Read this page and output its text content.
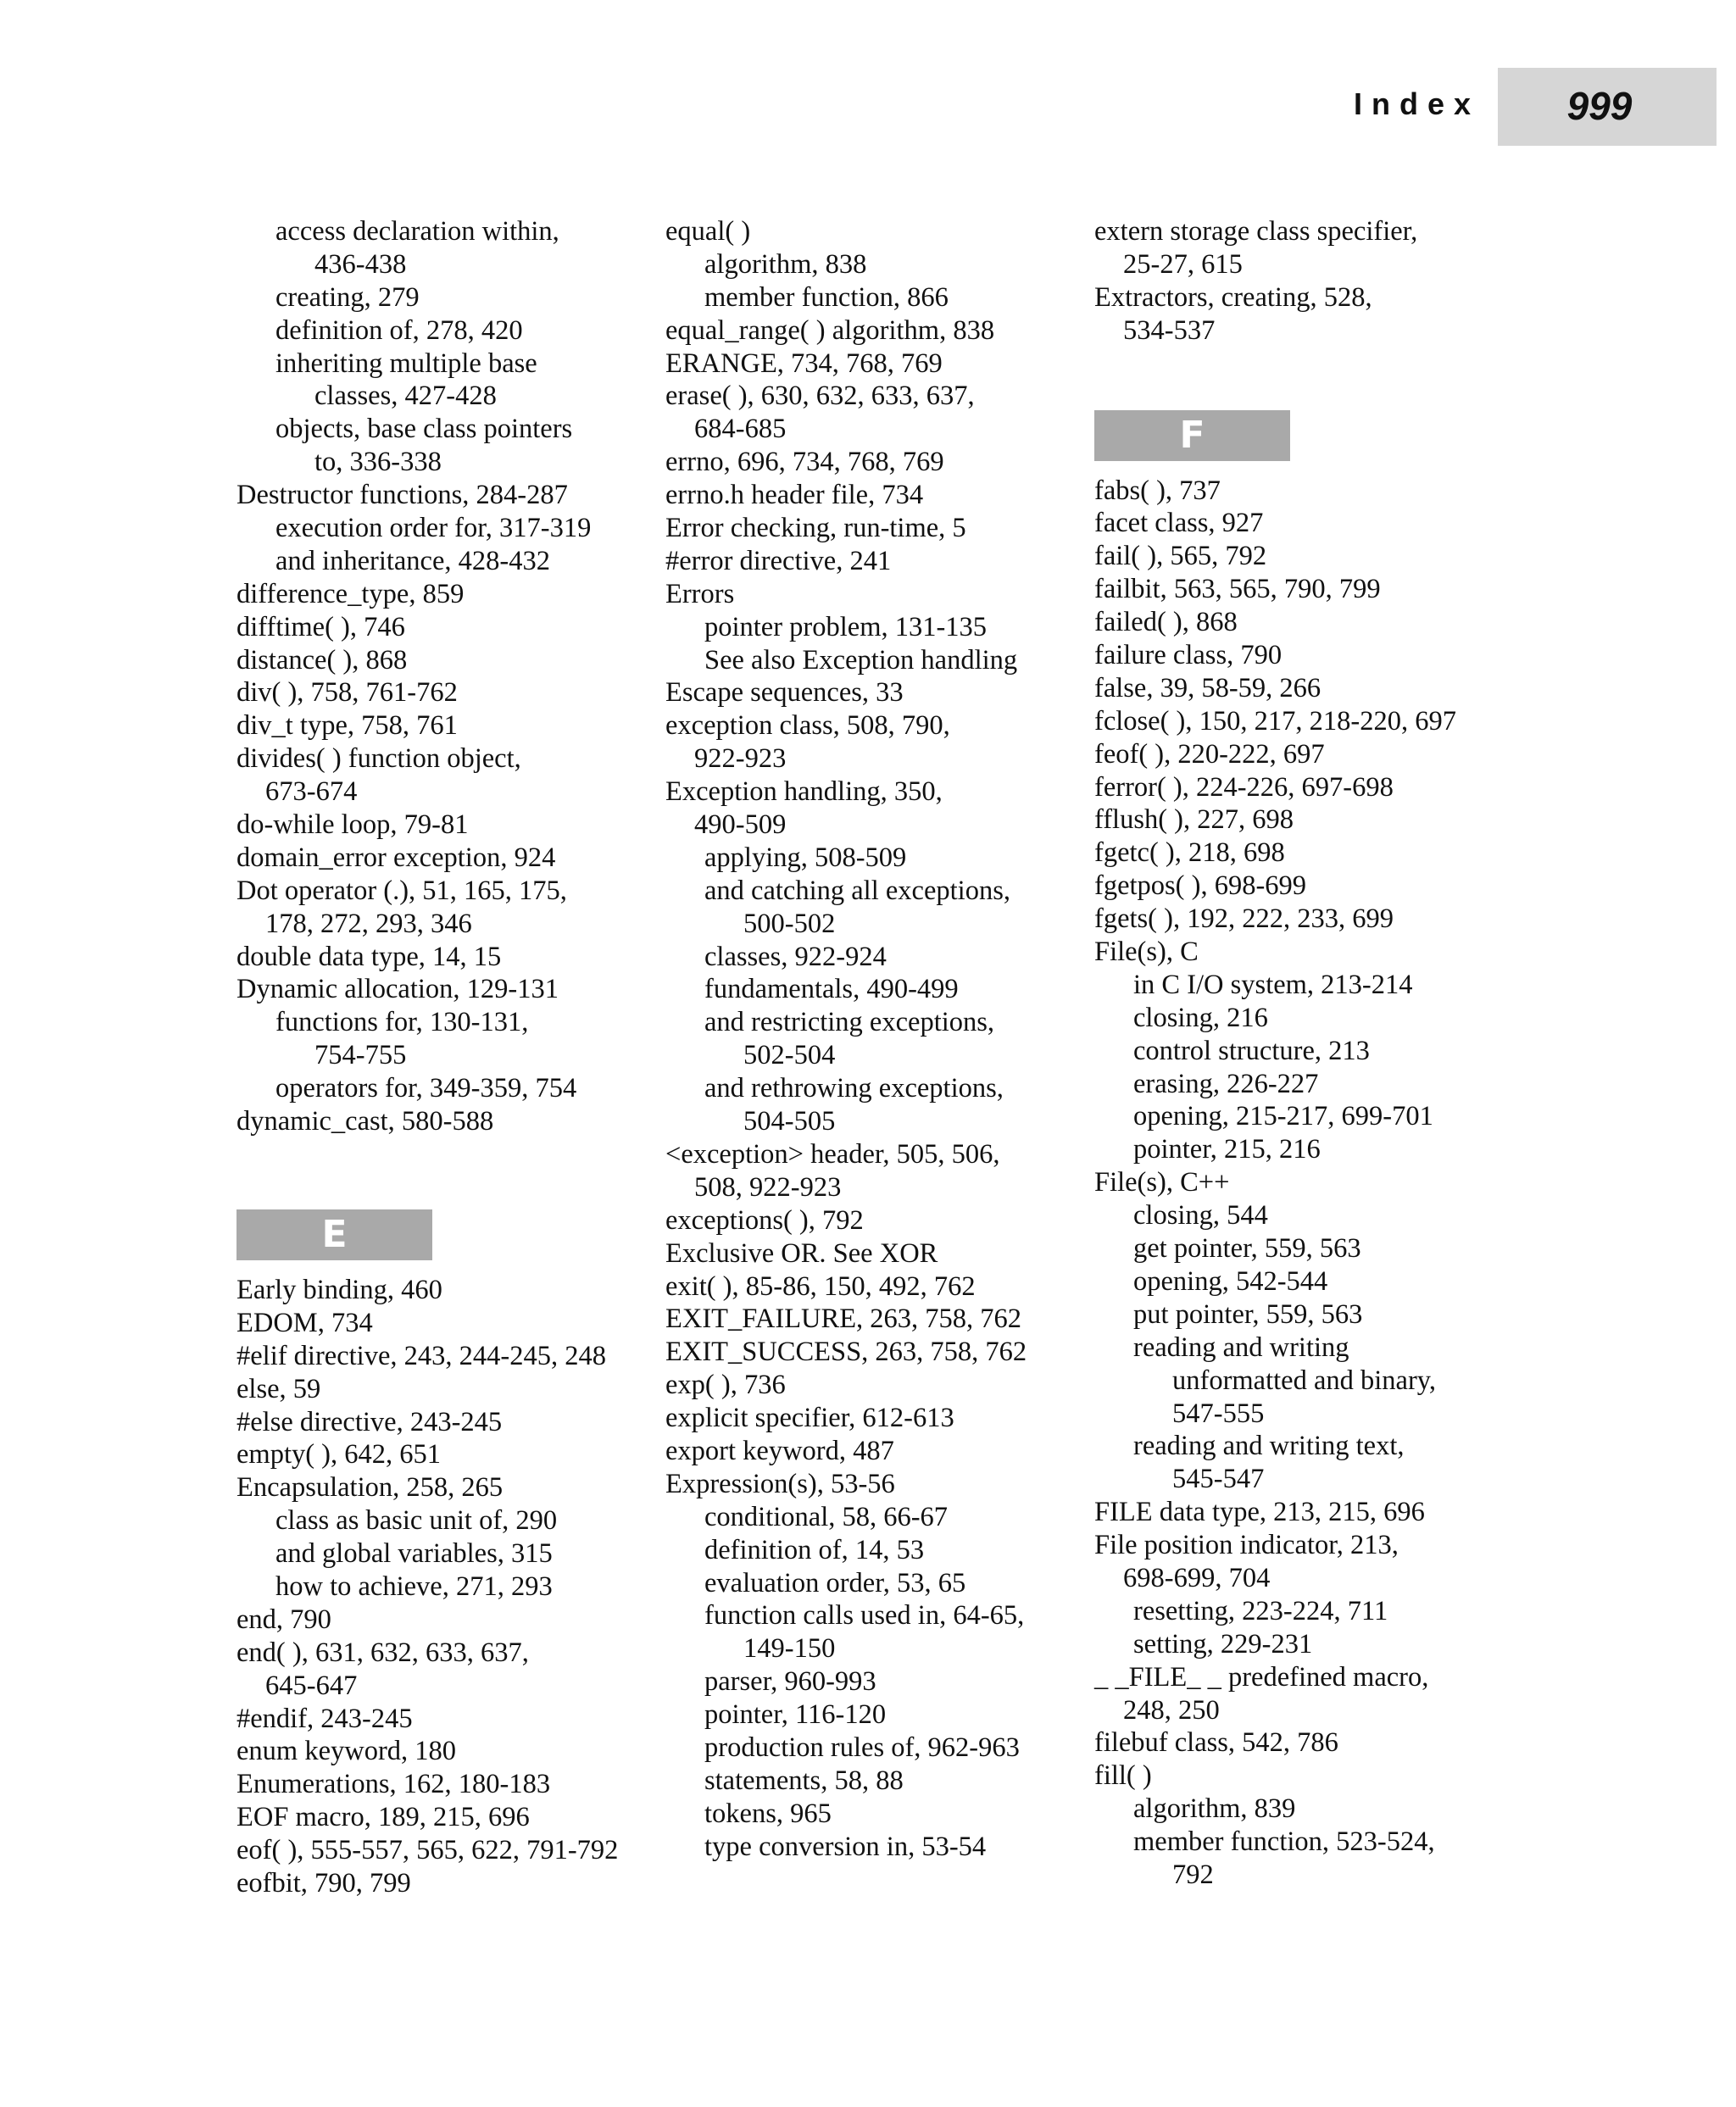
Index	999
access declaration within,
436-438
creating, 279
definition of, 278, 420
inheriting multiple base
classes, 427-428
objects, base class pointers
to, 336-338
Destructor functions, 284-287
execution order for, 317-319
and inheritance, 428-432
difference_type, 859
difftime( ), 746
distance( ), 868
div( ), 758, 761-762
div_t type, 758, 761
divides( ) function object,
673-674
do-while loop, 79-81
domain_error exception, 924
Dot operator (.), 51, 165, 175,
178, 272, 293, 346
double data type, 14, 15
Dynamic allocation, 129-131
functions for, 130-131,
754-755
operators for, 349-359, 754
dynamic_cast, 580-588
E
Early binding, 460
EDOM, 734
#elif directive, 243, 244-245, 248
else, 59
#else directive, 243-245
empty( ), 642, 651
Encapsulation, 258, 265
class as basic unit of, 290
and global variables, 315
how to achieve, 271, 293
end, 790
end( ), 631, 632, 633, 637,
645-647
#endif, 243-245
enum keyword, 180
Enumerations, 162, 180-183
EOF macro, 189, 215, 696
eof( ), 555-557, 565, 622, 791-792
eofbit, 790, 799
equal( )
algorithm, 838
member function, 866
equal_range( ) algorithm, 838
ERANGE, 734, 768, 769
erase( ), 630, 632, 633, 637,
684-685
errno, 696, 734, 768, 769
errno.h header file, 734
Error checking, run-time, 5
#error directive, 241
Errors
pointer problem, 131-135
See also Exception handling
Escape sequences, 33
exception class, 508, 790,
922-923
Exception handling, 350,
490-509
applying, 508-509
and catching all exceptions,
500-502
classes, 922-924
fundamentals, 490-499
and restricting exceptions,
502-504
and rethrowing exceptions,
504-505
<exception> header, 505, 506,
508, 922-923
exceptions( ), 792
Exclusive OR. See XOR
exit( ), 85-86, 150, 492, 762
EXIT_FAILURE, 263, 758, 762
EXIT_SUCCESS, 263, 758, 762
exp( ), 736
explicit specifier, 612-613
export keyword, 487
Expression(s), 53-56
conditional, 58, 66-67
definition of, 14, 53
evaluation order, 53, 65
function calls used in, 64-65,
149-150
parser, 960-993
pointer, 116-120
production rules of, 962-963
statements, 58, 88
tokens, 965
type conversion in, 53-54
extern storage class specifier,
25-27, 615
Extractors, creating, 528,
534-537
F
fabs( ), 737
facet class, 927
fail( ), 565, 792
failbit, 563, 565, 790, 799
failed( ), 868
failure class, 790
false, 39, 58-59, 266
fclose( ), 150, 217, 218-220, 697
feof( ), 220-222, 697
ferror( ), 224-226, 697-698
fflush( ), 227, 698
fgetc( ), 218, 698
fgetpos( ), 698-699
fgets( ), 192, 222, 233, 699
File(s), C
in C I/O system, 213-214
closing, 216
control structure, 213
erasing, 226-227
opening, 215-217, 699-701
pointer, 215, 216
File(s), C++
closing, 544
get pointer, 559, 563
opening, 542-544
put pointer, 559, 563
reading and writing
unformatted and binary,
547-555
reading and writing text,
545-547
FILE data type, 213, 215, 696
File position indicator, 213,
698-699, 704
resetting, 223-224, 711
setting, 229-231
_ _FILE_ _ predefined macro,
248, 250
filebuf class, 542, 786
fill( )
algorithm, 839
member function, 523-524,
792
